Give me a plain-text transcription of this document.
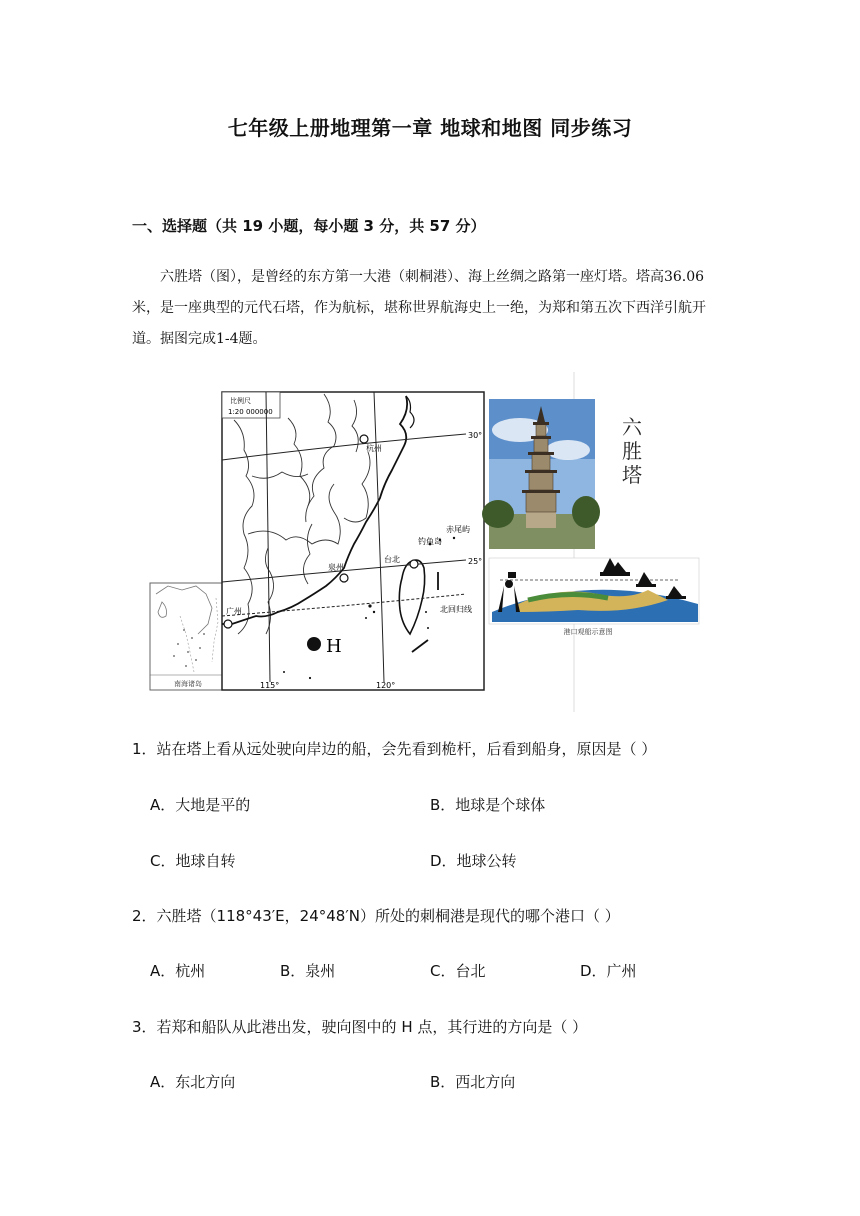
七年级上册地理第一章 地球和地图 同步练习
一、选择题（共 19 小题，每小题 3 分，共 57 分）
六胜塔（图），是曾经的东方第一大港（刺桐港）、海上丝绸之路第一座灯塔。塔高36.06米，是一座典型的元代石塔，作为航标，堪称世界航海史上一绝，为郑和第五次下西洋引航开道。据图完成1-4题。
南海诸岛
比例尺
1:20 000000
30°
25°
115°	120°
北回归线
杭州
泉州
台北
广州
钓鱼岛
赤尾屿
H
六
胜
塔
港口观船示意图
1．站在塔上看从远处驶向岸边的船，会先看到桅杆，后看到船身，原因是（ ）
A．大地是平的	B．地球是个球体
C．地球自转	D．地球公转
2．六胜塔（118°43′E，24°48′N）所处的刺桐港是现代的哪个港口（ ）
A．杭州	B．泉州	C．台北	D．广州
3．若郑和船队从此港出发，驶向图中的 H 点，其行进的方向是（ ）
A．东北方向	B．西北方向
